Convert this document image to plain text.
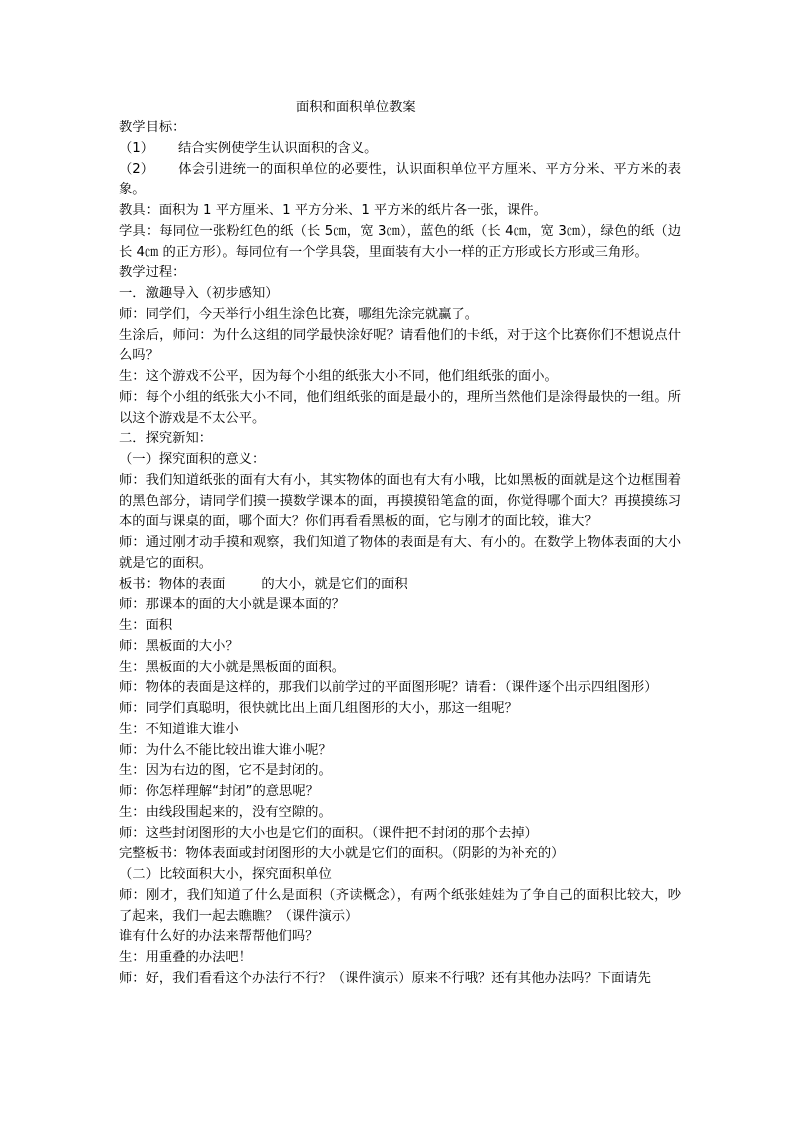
面积和面积单位教案

教学目标：

（1） 结合实例使学生认识面积的含义。

（2） 体会引进统一的面积单位的必要性，认识面积单位平方厘米、平方分米、平方米的表象。

教具：面积为 1 平方厘米、1 平方分米、1 平方米的纸片各一张，课件。

学具：每同位一张粉红色的纸（长 5㎝，宽 3㎝），蓝色的纸（长 4㎝，宽 3㎝），绿色的纸（边长 4㎝ 的正方形）。每同位有一个学具袋，里面装有大小一样的正方形或长方形或三角形。

教学过程：

一．激趣导入（初步感知）

师：同学们，今天举行小组生涂色比赛，哪组先涂完就赢了。

生涂后，师问：为什么这组的同学最快涂好呢？请看他们的卡纸，对于这个比赛你们不想说点什么吗？

生：这个游戏不公平，因为每个小组的纸张大小不同，他们组纸张的面小。

师：每个小组的纸张大小不同，他们组纸张的面是最小的，理所当然他们是涂得最快的一组。所以这个游戏是不太公平。

二．探究新知：

（一）探究面积的意义：

师：我们知道纸张的面有大有小，其实物体的面也有大有小哦，比如黑板的面就是这个边框围着的黑色部分，请同学们摸一摸数学课本的面，再摸摸铅笔盒的面，你觉得哪个面大？再摸摸练习本的面与课桌的面，哪个面大？你们再看看黑板的面，它与刚才的面比较，谁大？

师：通过刚才动手摸和观察，我们知道了物体的表面是有大、有小的。在数学上物体表面的大小就是它的面积。

板书：物体的表面	的大小，就是它们的面积

师：那课本的面的大小就是课本面的？

生：面积

师：黑板面的大小？

生：黑板面的大小就是黑板面的面积。

师：物体的表面是这样的，那我们以前学过的平面图形呢？请看：（课件逐个出示四组图形）

师：同学们真聪明，很快就比出上面几组图形的大小，那这一组呢？

生：不知道谁大谁小

师：为什么不能比较出谁大谁小呢？

生：因为右边的图，它不是封闭的。

师：你怎样理解“封闭”的意思呢？

生：由线段围起来的，没有空隙的。

师：这些封闭图形的大小也是它们的面积。（课件把不封闭的那个去掉）

完整板书：物体表面或封闭图形的大小就是它们的面积。（阴影的为补充的）

（二）比较面积大小，探究面积单位

师：刚才，我们知道了什么是面积（齐读概念），有两个纸张娃娃为了争自己的面积比较大，吵了起来，我们一起去瞧瞧？（课件演示）

谁有什么好的办法来帮帮他们吗？

生：用重叠的办法吧！

师：好，我们看看这个办法行不行？（课件演示）原来不行哦？还有其他办法吗？下面请先
